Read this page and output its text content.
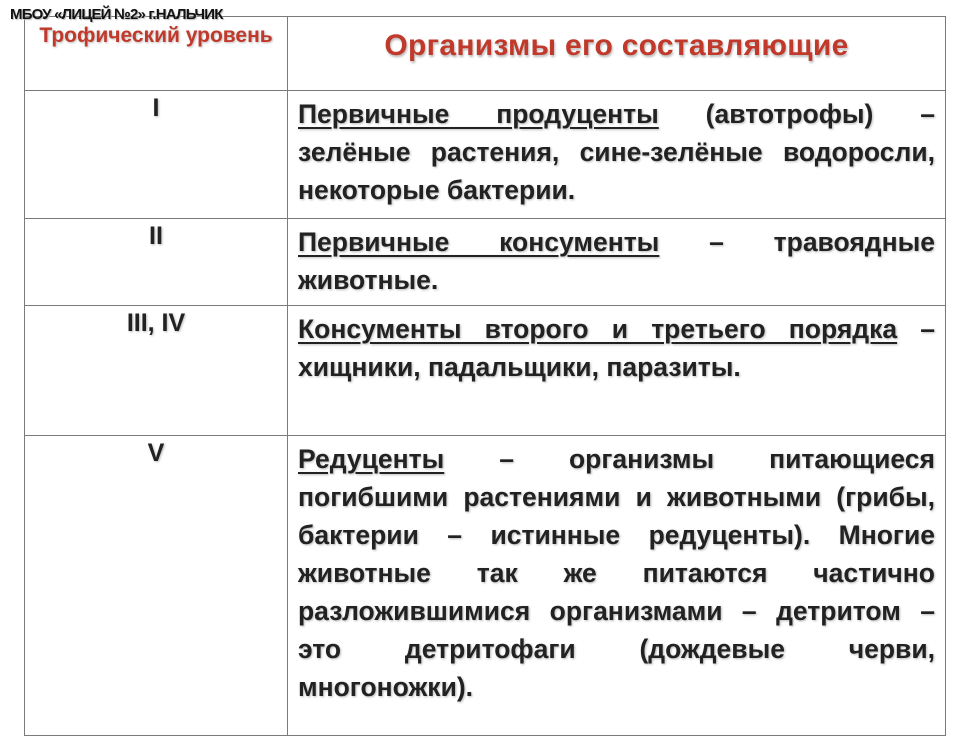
МБОУ «ЛИЦЕЙ №2» г.НАЛЬЧИК
Трофический уровень	Организмы его составляющие

I	Первичные продуценты (автотрофы) – зелёные растения, сине-зелёные водоросли, некоторые бактерии.

II	Первичные консументы – травоядные животные.

III, IV	Консументы второго и третьего порядка – хищники, падальщики, паразиты.

V	Редуценты – организмы питающиеся погибшими растениями и животными (грибы, бактерии – истинные редуценты). Многие животные так же питаются частично разложившимися организмами – детритом – это детритофаги (дождевые черви, многоножки).
